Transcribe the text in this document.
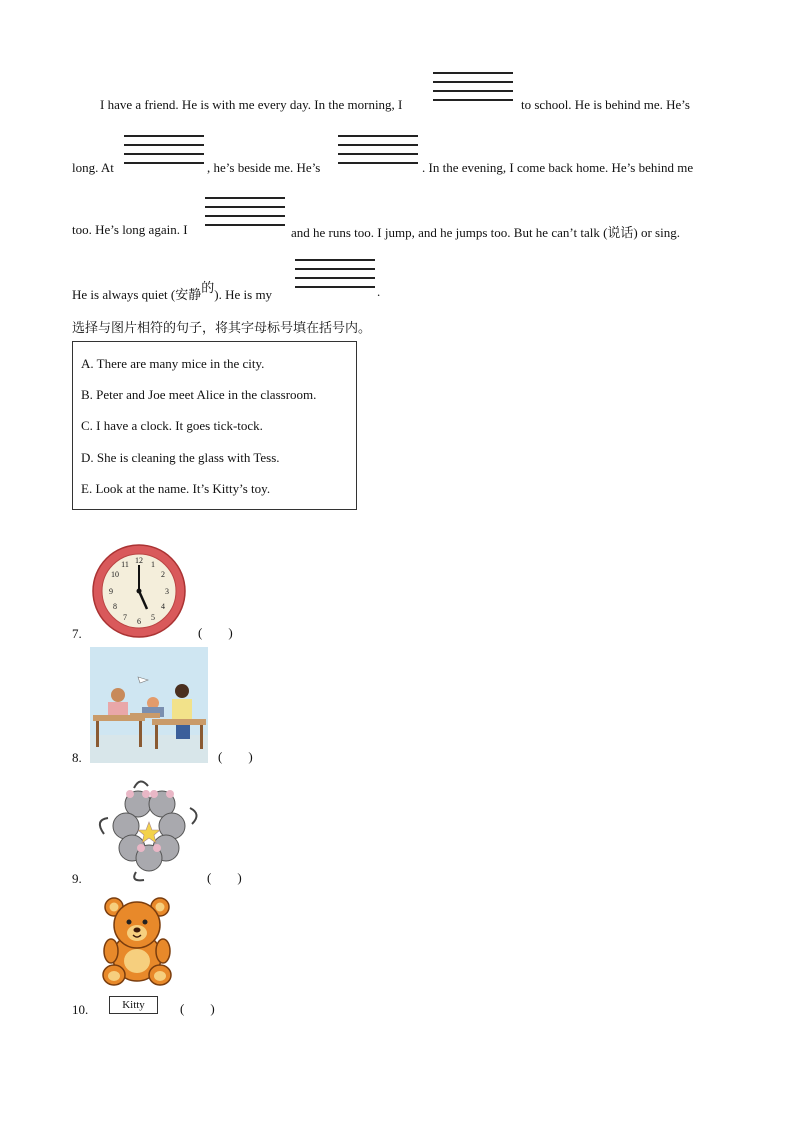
I have a friend. He is with me every day. In the morning, I	to school. He is behind me. He’s
long. At	, he’s beside me. He’s	. In the evening, I come back home. He’s behind me
too. He’s long again. I	and he runs too. I jump, and he jumps too. But he can’t talk (说话) or sing.
He is always quiet (安静的). He is my	.
选择与图片相符的句子，将其字母标号填在括号内。
A. There are many mice in the city.
B. Peter and Joe meet Alice in the classroom.
C. I have a clock. It goes tick-tock.
D. She is cleaning the glass with Tess.
E. Look at the name. It’s Kitty’s toy.
12 1
2
3
4
5
6
7
8
9
10
11
7.	(        )
8.	(        )
9.	(        )
Kitty
10.	(        )
